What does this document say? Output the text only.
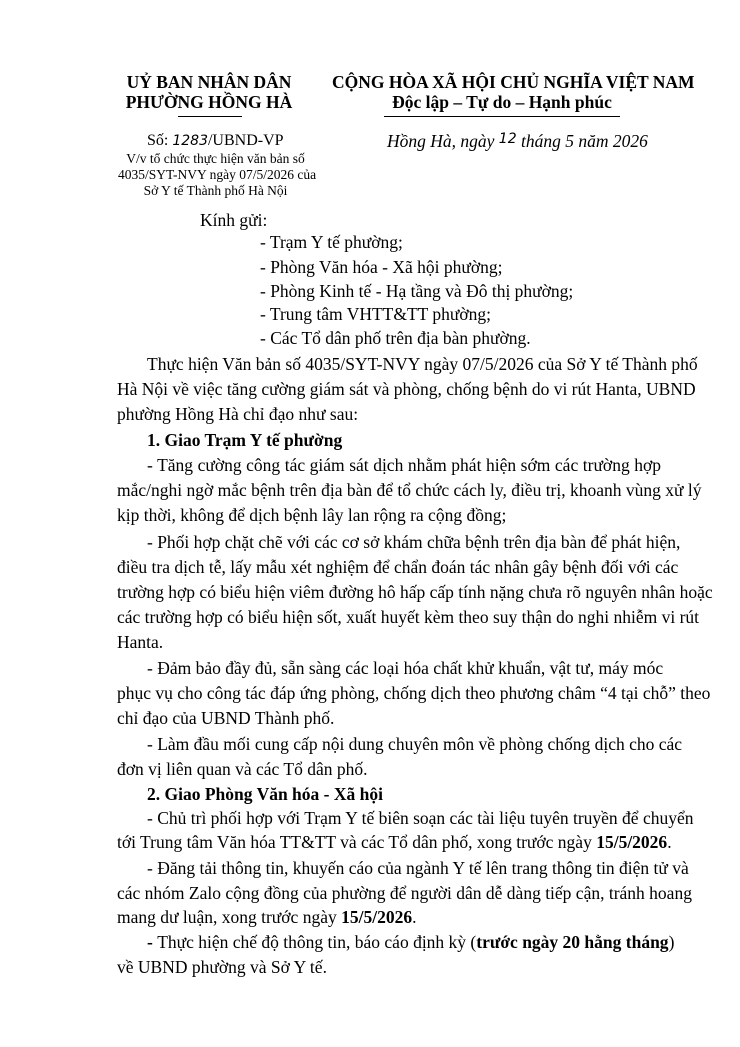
UỶ BAN NHÂN DÂN
PHƯỜNG HỒNG HÀ
CỘNG HÒA XÃ HỘI CHỦ NGHĨA VIỆT NAM
Độc lập – Tự do – Hạnh phúc
Số: 1283/UBND-VP
V/v tổ chức thực hiện văn bản số
4035/SYT-NVY ngày 07/5/2026 của
Sở Y tế Thành phố Hà Nội
Hồng Hà, ngày $^{12}$ tháng 5 năm 2026
Kính gửi:
- Trạm Y tế phường;
- Phòng Văn hóa - Xã hội phường;
- Phòng Kinh tế - Hạ tầng và Đô thị phường;
- Trung tâm VHTT&TT phường;
- Các Tổ dân phố trên địa bàn phường.
Thực hiện Văn bản số 4035/SYT-NVY ngày 07/5/2026 của Sở Y tế Thành phố
Hà Nội về việc tăng cường giám sát và phòng, chống bệnh do vi rút Hanta, UBND
phường Hồng Hà chỉ đạo như sau:
1. Giao Trạm Y tế phường
- Tăng cường công tác giám sát dịch nhằm phát hiện sớm các trường hợp
mắc/nghi ngờ mắc bệnh trên địa bàn để tổ chức cách ly, điều trị, khoanh vùng xử lý
kịp thời, không để dịch bệnh lây lan rộng ra cộng đồng;
- Phối hợp chặt chẽ với các cơ sở khám chữa bệnh trên địa bàn để phát hiện,
điều tra dịch tễ, lấy mẫu xét nghiệm để chẩn đoán tác nhân gây bệnh đối với các
trường hợp có biểu hiện viêm đường hô hấp cấp tính nặng chưa rõ nguyên nhân hoặc
các trường hợp có biểu hiện sốt, xuất huyết kèm theo suy thận do nghi nhiễm vi rút
Hanta.
- Đảm bảo đầy đủ, sẵn sàng các loại hóa chất khử khuẩn, vật tư, máy móc
phục vụ cho công tác đáp ứng phòng, chống dịch theo phương châm “4 tại chỗ” theo
chỉ đạo của UBND Thành phố.
- Làm đầu mối cung cấp nội dung chuyên môn về phòng chống dịch cho các
đơn vị liên quan và các Tổ dân phố.
2. Giao Phòng Văn hóa - Xã hội
- Chủ trì phối hợp với Trạm Y tế biên soạn các tài liệu tuyên truyền để chuyển
tới Trung tâm Văn hóa TT&TT và các Tổ dân phố, xong trước ngày 15/5/2026.
- Đăng tải thông tin, khuyến cáo của ngành Y tế lên trang thông tin điện tử và
các nhóm Zalo cộng đồng của phường để người dân dễ dàng tiếp cận, tránh hoang
mang dư luận, xong trước ngày 15/5/2026.
- Thực hiện chế độ thông tin, báo cáo định kỳ (trước ngày 20 hằng tháng)
về UBND phường và Sở Y tế.
